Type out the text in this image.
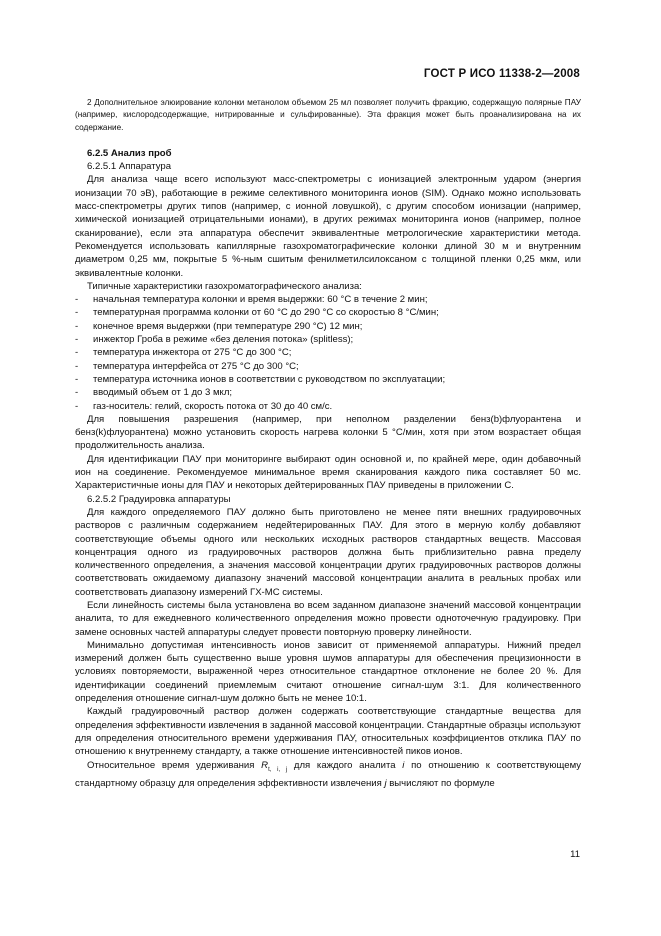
ГОСТ Р ИСО 11338-2—2008

2 Дополнительное элюирование колонки метанолом объемом 25 мл позволяет получить фракцию, содержащую полярные ПАУ (например, кислородсодержащие, нитрированные и сульфированные). Эта фракция может быть проанализирована на их содержание.

6.2.5 Анализ проб

6.2.5.1 Аппаратура

Для анализа чаще всего используют масс-спектрометры с ионизацией электронным ударом (энергия ионизации 70 эВ), работающие в режиме селективного мониторинга ионов (SIM). Однако можно использовать масс-спектрометры других типов (например, с ионной ловушкой), с другим способом ионизации (например, химической ионизацией отрицательными ионами), в других режимах мониторинга ионов (например, полное сканирование), если эта аппаратура обеспечит эквивалентные метрологические характеристики метода. Рекомендуется использовать капиллярные газохроматографические колонки длиной 30 м и внутренним диаметром 0,25 мм, покрытые 5 %-ным сшитым фенилметилсилоксаном с толщиной пленки 0,25 мкм, или эквивалентные колонки.

Типичные характеристики газохроматографического анализа:

- начальная температура колонки и время выдержки: 60 °С в течение 2 мин;
- температурная программа колонки от 60 °С до 290 °С со скоростью 8 °С/мин;
- конечное время выдержки (при температуре 290 °С) 12 мин;
- инжектор Гроба в режиме «без деления потока» (splitless);
- температура инжектора от 275 °С до 300 °С;
- температура интерфейса от 275 °С до 300 °С;
- температура источника ионов в соответствии с руководством по эксплуатации;
- вводимый объем от 1 до 3 мкл;
- газ-носитель: гелий, скорость потока от 30 до 40 см/с.

Для повышения разрешения (например, при неполном разделении бенз(b)флуорантена и бенз(k)флуорантена) можно установить скорость нагрева колонки 5 °С/мин, хотя при этом возрастает общая продолжительность анализа.

Для идентификации ПАУ при мониторинге выбирают один основной и, по крайней мере, один добавочный ион на соединение. Рекомендуемое минимальное время сканирования каждого пика составляет 50 мс. Характеристичные ионы для ПАУ и некоторых дейтерированных ПАУ приведены в приложении С.

6.2.5.2 Градуировка аппаратуры

Для каждого определяемого ПАУ должно быть приготовлено не менее пяти внешних градуировочных растворов с различным содержанием недейтерированных ПАУ. Для этого в мерную колбу добавляют соответствующие объемы одного или нескольких исходных растворов стандартных веществ. Массовая концентрация одного из градуировочных растворов должна быть приблизительно равна пределу количественного определения, а значения массовой концентрации других градуировочных растворов должны соответствовать ожидаемому диапазону значений массовой концентрации аналита в реальных пробах или соответствовать диапазону измерений ГХ-МС системы.

Если линейность системы была установлена во всем заданном диапазоне значений массовой концентрации аналита, то для ежедневного количественного определения можно провести одноточечную градуировку. При замене основных частей аппаратуры следует провести повторную проверку линейности.

Минимально допустимая интенсивность ионов зависит от применяемой аппаратуры. Нижний предел измерений должен быть существенно выше уровня шумов аппаратуры для обеспечения прецизионности в условиях повторяемости, выраженной через относительное стандартное отклонение не более 20 %. Для идентификации соединений приемлемым считают отношение сигнал-шум 3:1. Для количественного определения отношение сигнал-шум должно быть не менее 10:1.

Каждый градуировочный раствор должен содержать соответствующие стандартные вещества для определения эффективности извлечения в заданной массовой концентрации. Стандартные образцы используют для определения относительного времени удерживания ПАУ, относительных коэффициентов отклика ПАУ по отношению к внутреннему стандарту, а также отношение интенсивностей пиков ионов.

Относительное время удерживания $R_{t, i, j}$ для каждого аналита i по отношению к соответствующему стандартному образцу для определения эффективности извлечения j вычисляют по формуле

11
